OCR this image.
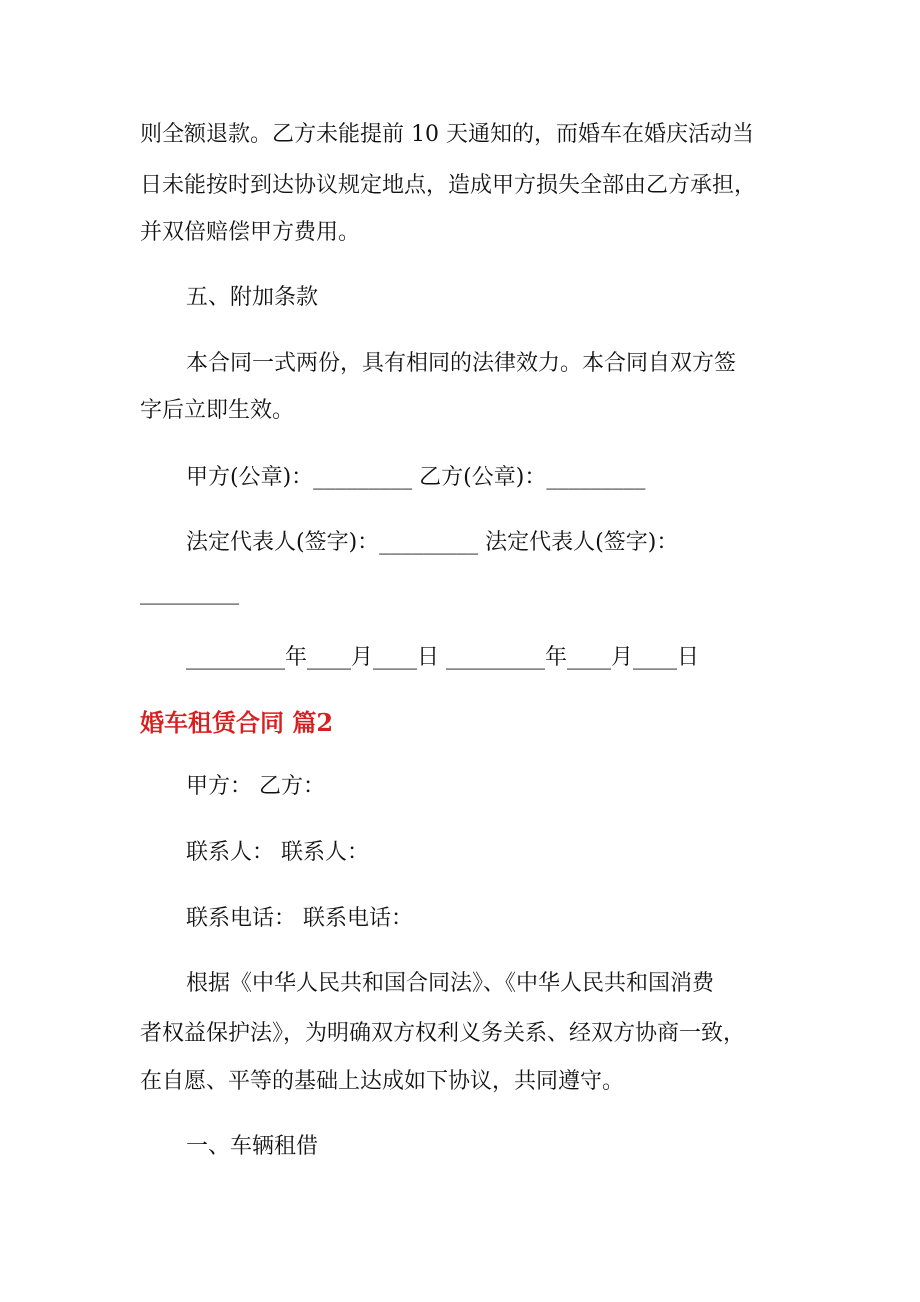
则全额退款。乙方未能提前 10 天通知的，而婚车在婚庆活动当

日未能按时到达协议规定地点，造成甲方损失全部由乙方承担，

并双倍赔偿甲方费用。

五、附加条款

本合同一式两份，具有相同的法律效力。本合同自双方签

字后立即生效。

甲方(公章)：_________ 乙方(公章)：_________

法定代表人(签字)：_________ 法定代表人(签字)：

_________

_________年____月____日 _________年____月____日

婚车租赁合同 篇2

甲方： 乙方：

联系人： 联系人：

联系电话： 联系电话：

根据《中华人民共和国合同法》、《中华人民共和国消费

者权益保护法》，为明确双方权利义务关系、经双方协商一致，

在自愿、平等的基础上达成如下协议，共同遵守。

一、车辆租借
